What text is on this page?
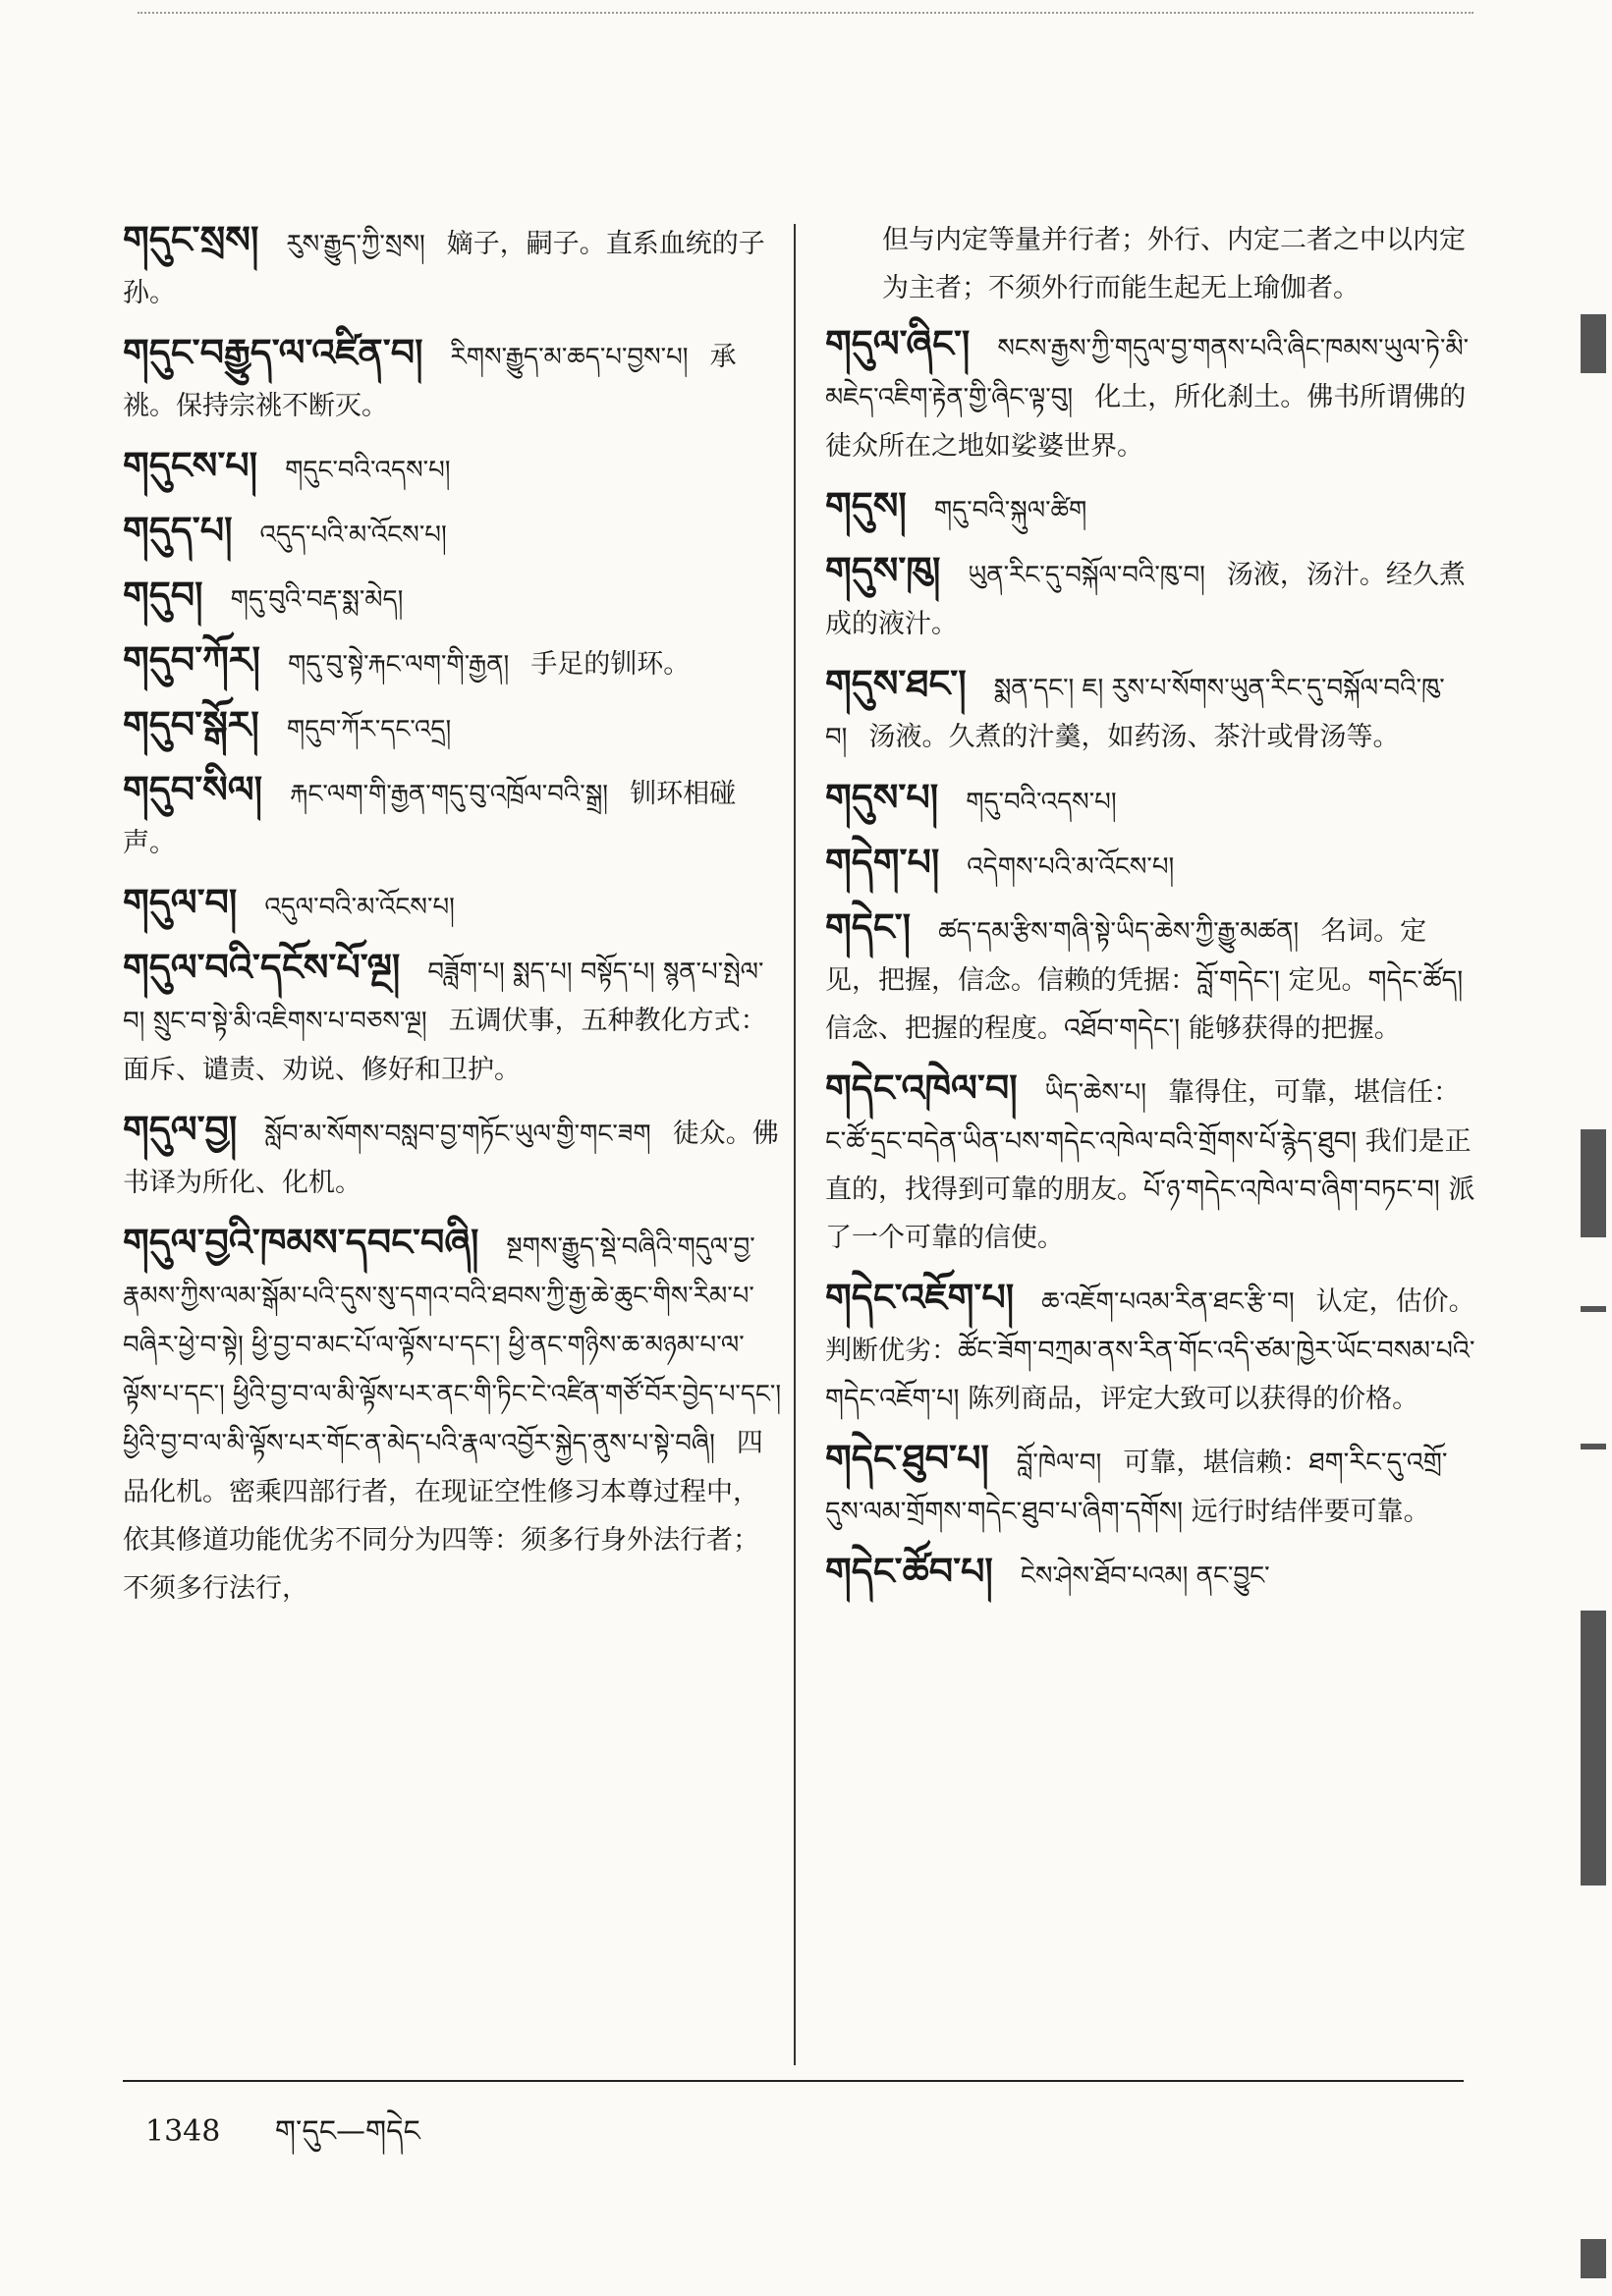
གདུང་སྲས། རུས་རྒྱུད་ཀྱི་སྲས། 嫡子，嗣子。直系血统的子孙。
གདུང་བརྒྱུད་ལ་འཛིན་བ། རིགས་རྒྱུད་མ་ཆད་པ་བྱས་པ། 承祧。保持宗祧不断灭。
གདུངས་པ། གདུང་བའི་འདས་པ།
གདུད་པ། འདུད་པའི་མ་འོངས་པ།
གདུབ། གདུ་བུའི་བརྡ་སྨ་མེད།
གདུབ་ཀོར། གདུ་བུ་སྟེ་རྐང་ལག་གི་རྒྱན། 手足的钏环。
གདུབ་སྒོར། གདུབ་ཀོར་དང་འདྲ།
གདུབ་སིལ། རྐང་ལག་གི་རྒྱན་གདུ་བུ་འཁྲོལ་བའི་སྒྲ། 钏环相碰声。
གདུལ་བ། འདུལ་བའི་མ་འོངས་པ།
གདུལ་བའི་དངོས་པོ་ལྔ། བཟློག་པ། སྨད་པ། བསྟོད་པ། སྙན་པ་སྤེལ་བ། སྲུང་བ་སྟེ་མི་འཇིགས་པ་བཅས་ལྔ། 五调伏事，五种教化方式：面斥、谴责、劝说、修好和卫护。
གདུལ་བྱ། སློབ་མ་སོགས་བསླབ་བྱ་གཏོང་ཡུལ་གྱི་གང་ཟག 徒众。佛书译为所化、化机。
གདུལ་བྱའི་ཁམས་དབང་བཞི། སྔགས་རྒྱུད་སྡེ་བཞིའི་གདུལ་བྱ་རྣམས་ཀྱིས་ལམ་སྒོམ་པའི་དུས་སུ་དགའ་བའི་ཐབས་ཀྱི་རྒྱ་ཆེ་ཆུང་གིས་རིམ་པ་བཞིར་ཕྱེ་བ་སྟེ། ཕྱི་བྱ་བ་མང་པོ་ལ་ལྟོས་པ་དང་། ཕྱི་ནང་གཉིས་ཆ་མཉམ་པ་ལ་ལྟོས་པ་དང་། ཕྱིའི་བྱ་བ་ལ་མི་ལྟོས་པར་ནང་གི་ཏིང་ངེ་འཛིན་གཙོ་བོར་བྱེད་པ་དང་། ཕྱིའི་བྱ་བ་ལ་མི་ལྟོས་པར་གོང་ན་མེད་པའི་རྣལ་འབྱོར་སྐྱེད་ནུས་པ་སྟེ་བཞི། 四品化机。密乘四部行者，在现证空性修习本尊过程中，依其修道功能优劣不同分为四等：须多行身外法行者；不须多行法行，
但与内定等量并行者；外行、内定二者之中以内定为主者；不须外行而能生起无上瑜伽者。
གདུལ་ཞིང་། སངས་རྒྱས་ཀྱི་གདུལ་བྱ་གནས་པའི་ཞིང་ཁམས་ཡུལ་ཏེ་མི་མཇེད་འཇིག་རྟེན་གྱི་ཞིང་ལྟ་བུ། 化土，所化刹土。佛书所谓佛的徒众所在之地如娑婆世界。
གདུས། གདུ་བའི་སྐུལ་ཚིག
གདུས་ཁུ། ཡུན་རིང་དུ་བསྐོལ་བའི་ཁུ་བ། 汤液，汤汁。经久煮成的液汁。
གདུས་ཐང་། སྨན་དང་། ཇ། རུས་པ་སོགས་ཡུན་རིང་དུ་བསྐོལ་བའི་ཁུ་བ། 汤液。久煮的汁羹，如药汤、茶汁或骨汤等。
གདུས་པ། གདུ་བའི་འདས་པ།
གདེག་པ། འདེགས་པའི་མ་འོངས་པ།
གདེང་། ཚད་དམ་རྩིས་གཞི་སྟེ་ཡིད་ཆེས་ཀྱི་རྒྱུ་མཚན། 名词。定见，把握，信念。信赖的凭据：བློ་གདེང་། 定见。གདེང་ཚོད། 信念、把握的程度。འཐོབ་གདེང་། 能够获得的把握。
གདེང་འཁེལ་བ། ཡིད་ཆེས་པ། 靠得住，可靠，堪信任：ང་ཚོ་དྲང་བདེན་ཡིན་པས་གདེང་འཁེལ་བའི་གྲོགས་པོ་རྙེད་ཐུབ། 我们是正直的，找得到可靠的朋友。པོ་ཉ་གདེང་འཁེལ་བ་ཞིག་བཏང་བ། 派了一个可靠的信使。
གདེང་འཇོག་པ། ཆ་འཇོག་པའམ་རིན་ཐང་རྩི་བ། 认定，估价。判断优劣：ཚོང་ཟོག་བཀྲམ་ནས་རིན་གོང་འདི་ཙམ་ཁྱེར་ཡོང་བསམ་པའི་གདེང་འཇོག་པ། 陈列商品，评定大致可以获得的价格。
གདེང་ཐུབ་པ། བློ་ཁེལ་བ། 可靠，堪信赖：ཐག་རིང་དུ་འགྲོ་དུས་ལམ་གྲོགས་གདེང་ཐུབ་པ་ཞིག་དགོས། 远行时结伴要可靠。
གདེང་ཚོབ་པ། ངེས་ཤེས་ཐོབ་པའམ། ནང་བྱུང་
1348 ག་དུང—གདེང
